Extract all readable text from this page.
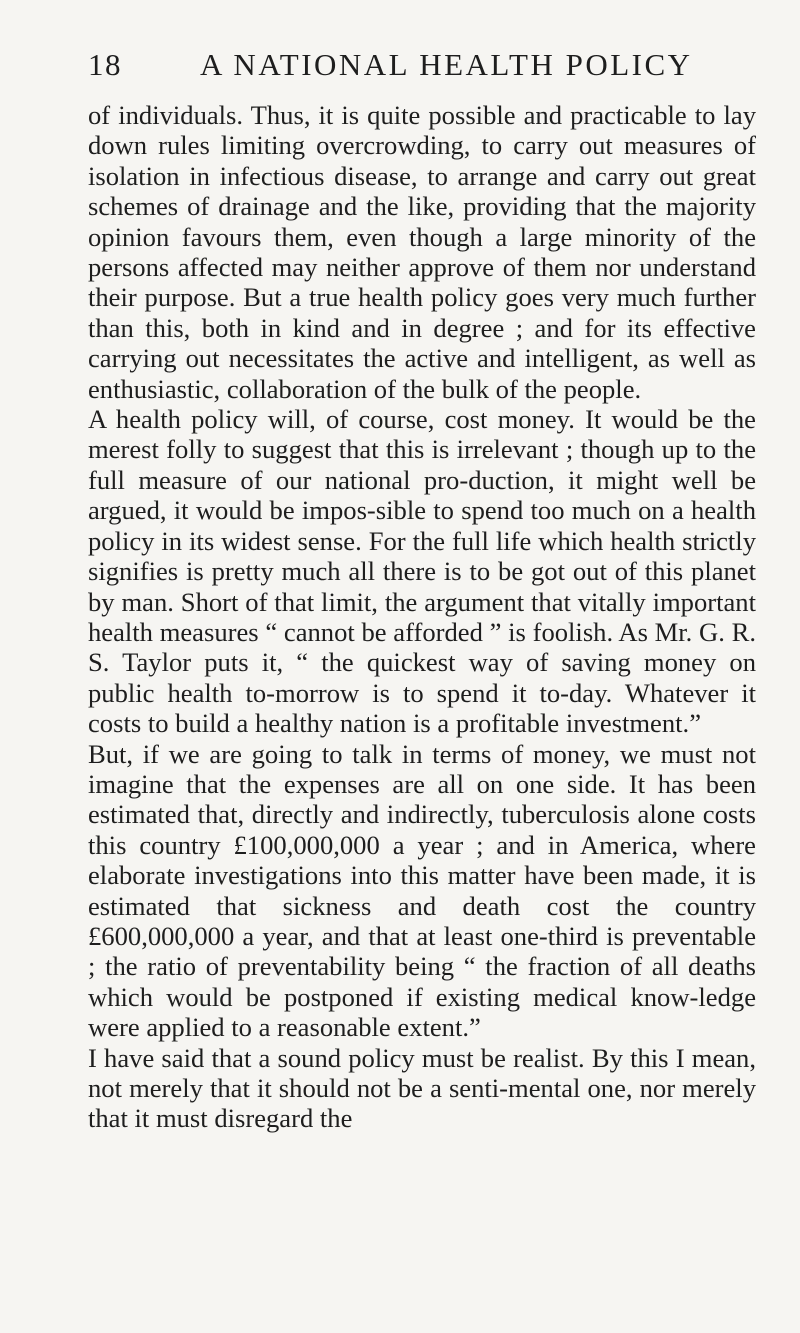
18	A NATIONAL HEALTH POLICY

of individuals. Thus, it is quite possible and practicable to lay down rules limiting overcrowding, to carry out measures of isolation in infectious disease, to arrange and carry out great schemes of drainage and the like, providing that the majority opinion favours them, even though a large minority of the persons affected may neither approve of them nor understand their purpose. But a true health policy goes very much further than this, both in kind and in degree ; and for its effective carrying out necessitates the active and intelligent, as well as enthusiastic, collaboration of the bulk of the people.

A health policy will, of course, cost money. It would be the merest folly to suggest that this is irrelevant ; though up to the full measure of our national pro-duction, it might well be argued, it would be impos-sible to spend too much on a health policy in its widest sense. For the full life which health strictly signifies is pretty much all there is to be got out of this planet by man. Short of that limit, the argument that vitally important health measures “ cannot be afforded ” is foolish. As Mr. G. R. S. Taylor puts it, “ the quickest way of saving money on public health to-morrow is to spend it to-day. Whatever it costs to build a healthy nation is a profitable investment.”

But, if we are going to talk in terms of money, we must not imagine that the expenses are all on one side. It has been estimated that, directly and indirectly, tuberculosis alone costs this country £100,000,000 a year ; and in America, where elaborate investigations into this matter have been made, it is estimated that sickness and death cost the country £600,000,000 a year, and that at least one-third is preventable ; the ratio of preventability being “ the fraction of all deaths which would be postponed if existing medical know-ledge were applied to a reasonable extent.”

I have said that a sound policy must be realist. By this I mean, not merely that it should not be a senti-mental one, nor merely that it must disregard the
